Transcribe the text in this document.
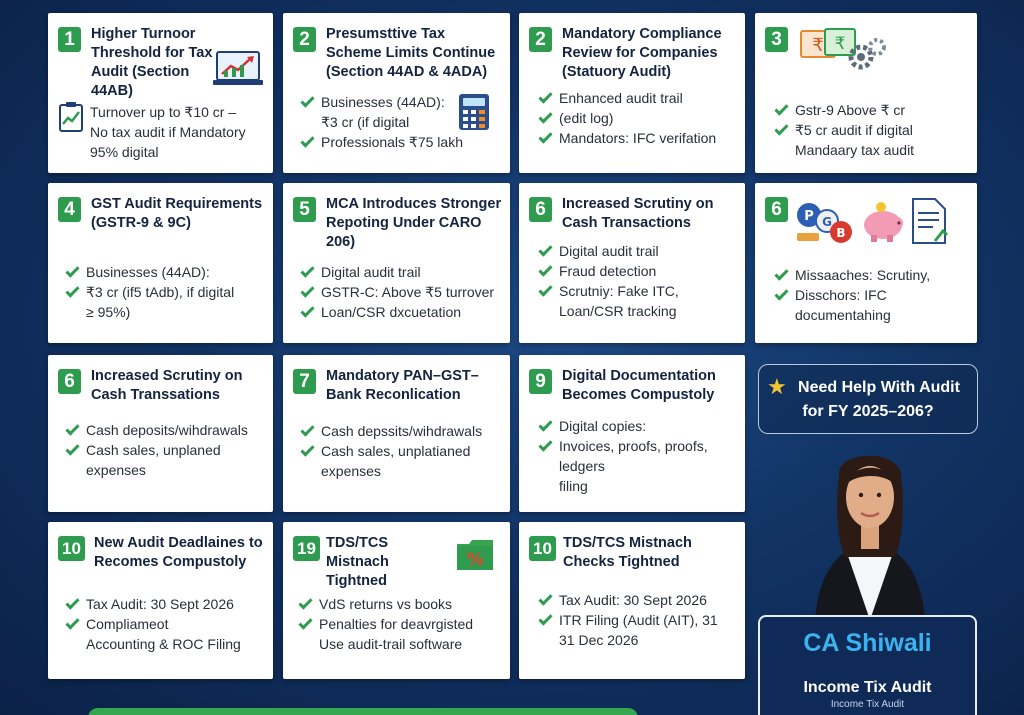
1	Higher Turnoor Threshold for Tax Audit (Section 44AB)
Turnover up to ₹10 cr –
No tax audit if Mandatory
95% digital
2	Presumsttive Tax Scheme Limits Continue (Section 44AD & 4ADA)
Businesses (44AD):
₹3 cr (if digital
Professionals ₹75 lakh
2	Mandatory Compliance Review for Companies (Statuory Audit)
Enhanced audit trail
(edit log)
Mandators: IFC verifation
3	₹ ₹
Gstr-9 Above ₹ cr
₹5 cr audit if digital
Mandaary tax audit
4	GST Audit Requirements (GSTR-9 & 9C)
Businesses (44AD):
₹3 cr (if5 tAdb), if digital
≥ 95%)
5	MCA Introduces Stronger Repoting Under CARO 206)
Digital audit trail
GSTR-C: Above ₹5 turrover
Loan/CSR dxcuetation
6	Increased Scrutiny on Cash Transactions
Digital audit trail
Fraud detection
Scrutniy: Fake ITC,
Loan/CSR tracking
6	P G
B
Missaaches: Scrutiny,
Disschors: IFC
documentahing
6	Increased Scrutiny on Cash Transsations
Cash deposits/wihdrawals
Cash sales, unplaned
expenses
7	Mandatory PAN–GST–Bank Reconlication
Cash depssits/wihdrawals
Cash sales, unplatianed
expenses
9	Digital Documentation Becomes Compustoly
Digital copies:
Invoices, proofs, proofs,
ledgers
filing
★ Need Help With Audit
for FY 2025–206?
10 New Audit Deadlaines to Recomes Compustoly
Tax Audit: 30 Sept 2026
Compliameot
Accounting & ROC Filing
19 TDS/TCS Mistnach Tightned
%
VdS returns vs books
Penalties for deavrgisted
Use audit-trail software
10 TDS/TCS Mistnach Checks Tightned
Tax Audit: 30 Sept 2026
ITR Filing (Audit (AIT), 31
31 Dec 2026	CA Shiwali
Income Tix Audit
Income Tix Audit
